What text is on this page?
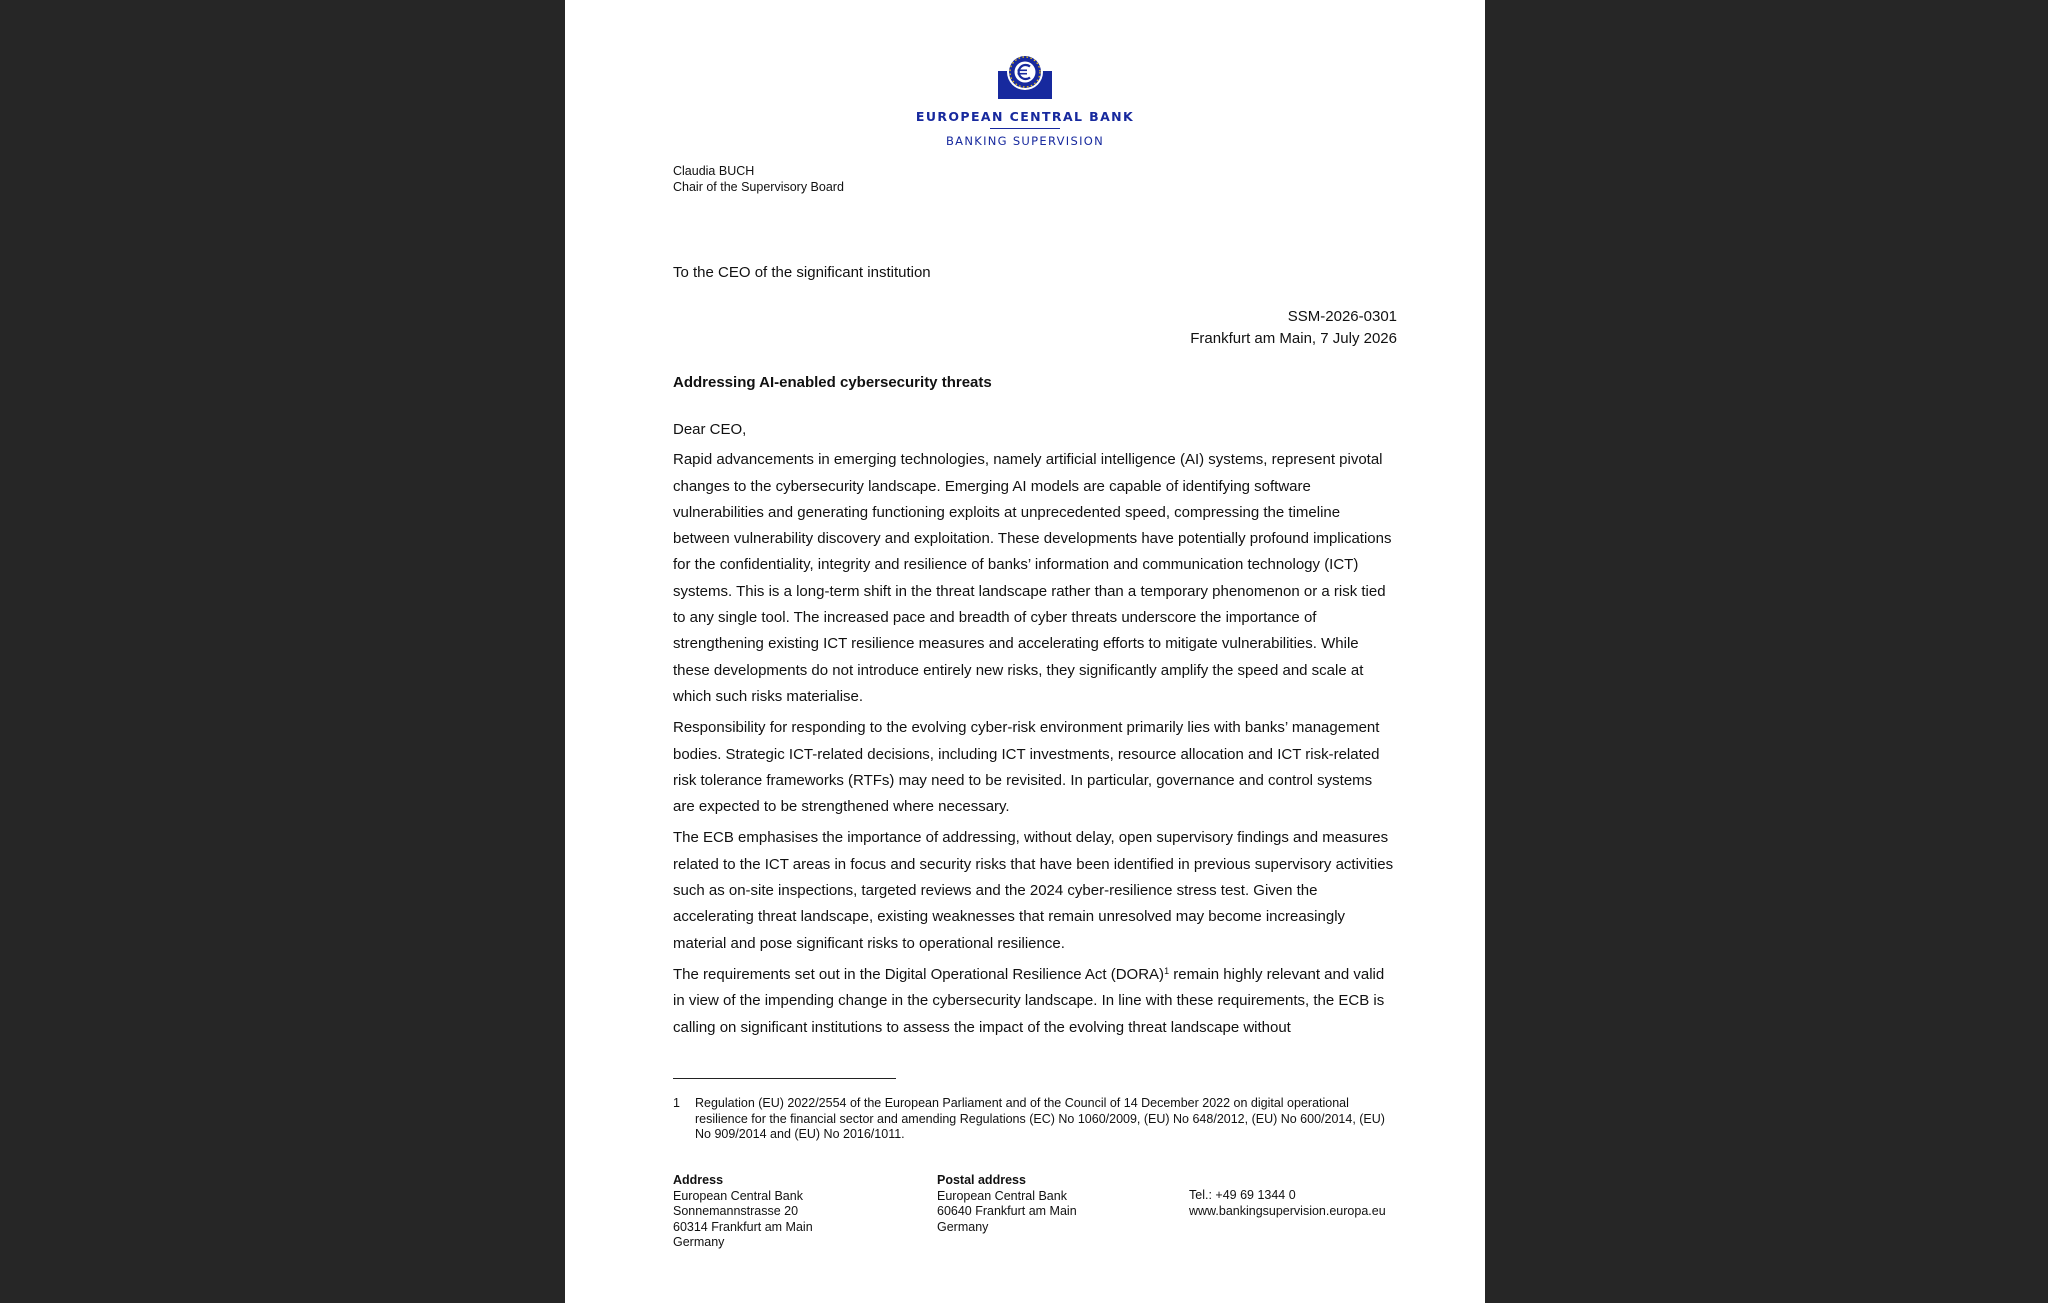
EUROPEAN CENTRAL BANK
BANKING SUPERVISION
Claudia BUCH
Chair of the Supervisory Board
To the CEO of the significant institution
SSM-2026-0301
Frankfurt am Main, 7 July 2026
Addressing AI-enabled cybersecurity threats

Dear CEO,

Rapid advancements in emerging technologies, namely artificial intelligence (AI) systems, represent pivotal changes to the cybersecurity landscape. Emerging AI models are capable of identifying software vulnerabilities and generating functioning exploits at unprecedented speed, compressing the timeline between vulnerability discovery and exploitation. These developments have potentially profound implications for the confidentiality, integrity and resilience of banks’ information and communication technology (ICT) systems. This is a long-term shift in the threat landscape rather than a temporary phenomenon or a risk tied to any single tool. The increased pace and breadth of cyber threats underscore the importance of strengthening existing ICT resilience measures and accelerating efforts to mitigate vulnerabilities. While these developments do not introduce entirely new risks, they significantly amplify the speed and scale at which such risks materialise.

Responsibility for responding to the evolving cyber-risk environment primarily lies with banks’ management bodies. Strategic ICT-related decisions, including ICT investments, resource allocation and ICT risk-related risk tolerance frameworks (RTFs) may need to be revisited. In particular, governance and control systems are expected to be strengthened where necessary.

The ECB emphasises the importance of addressing, without delay, open supervisory findings and measures related to the ICT areas in focus and security risks that have been identified in previous supervisory activities such as on-site inspections, targeted reviews and the 2024 cyber-resilience stress test. Given the accelerating threat landscape, existing weaknesses that remain unresolved may become increasingly material and pose significant risks to operational resilience.

The requirements set out in the Digital Operational Resilience Act (DORA)$^1$ remain highly relevant and valid in view of the impending change in the cybersecurity landscape. In line with these requirements, the ECB is calling on significant institutions to assess the impact of the evolving threat landscape without

1 Regulation (EU) 2022/2554 of the European Parliament and of the Council of 14 December 2022 on digital operational resilience for the financial sector and amending Regulations (EC) No 1060/2009, (EU) No 648/2012, (EU) No 600/2014, (EU) No 909/2014 and (EU) No 2016/1011.
Address
European Central Bank
Sonnemannstrasse 20
60314 Frankfurt am Main
Germany
Postal address
European Central Bank
60640 Frankfurt am Main
Germany
Tel.: +49 69 1344 0
www.bankingsupervision.europa.eu
